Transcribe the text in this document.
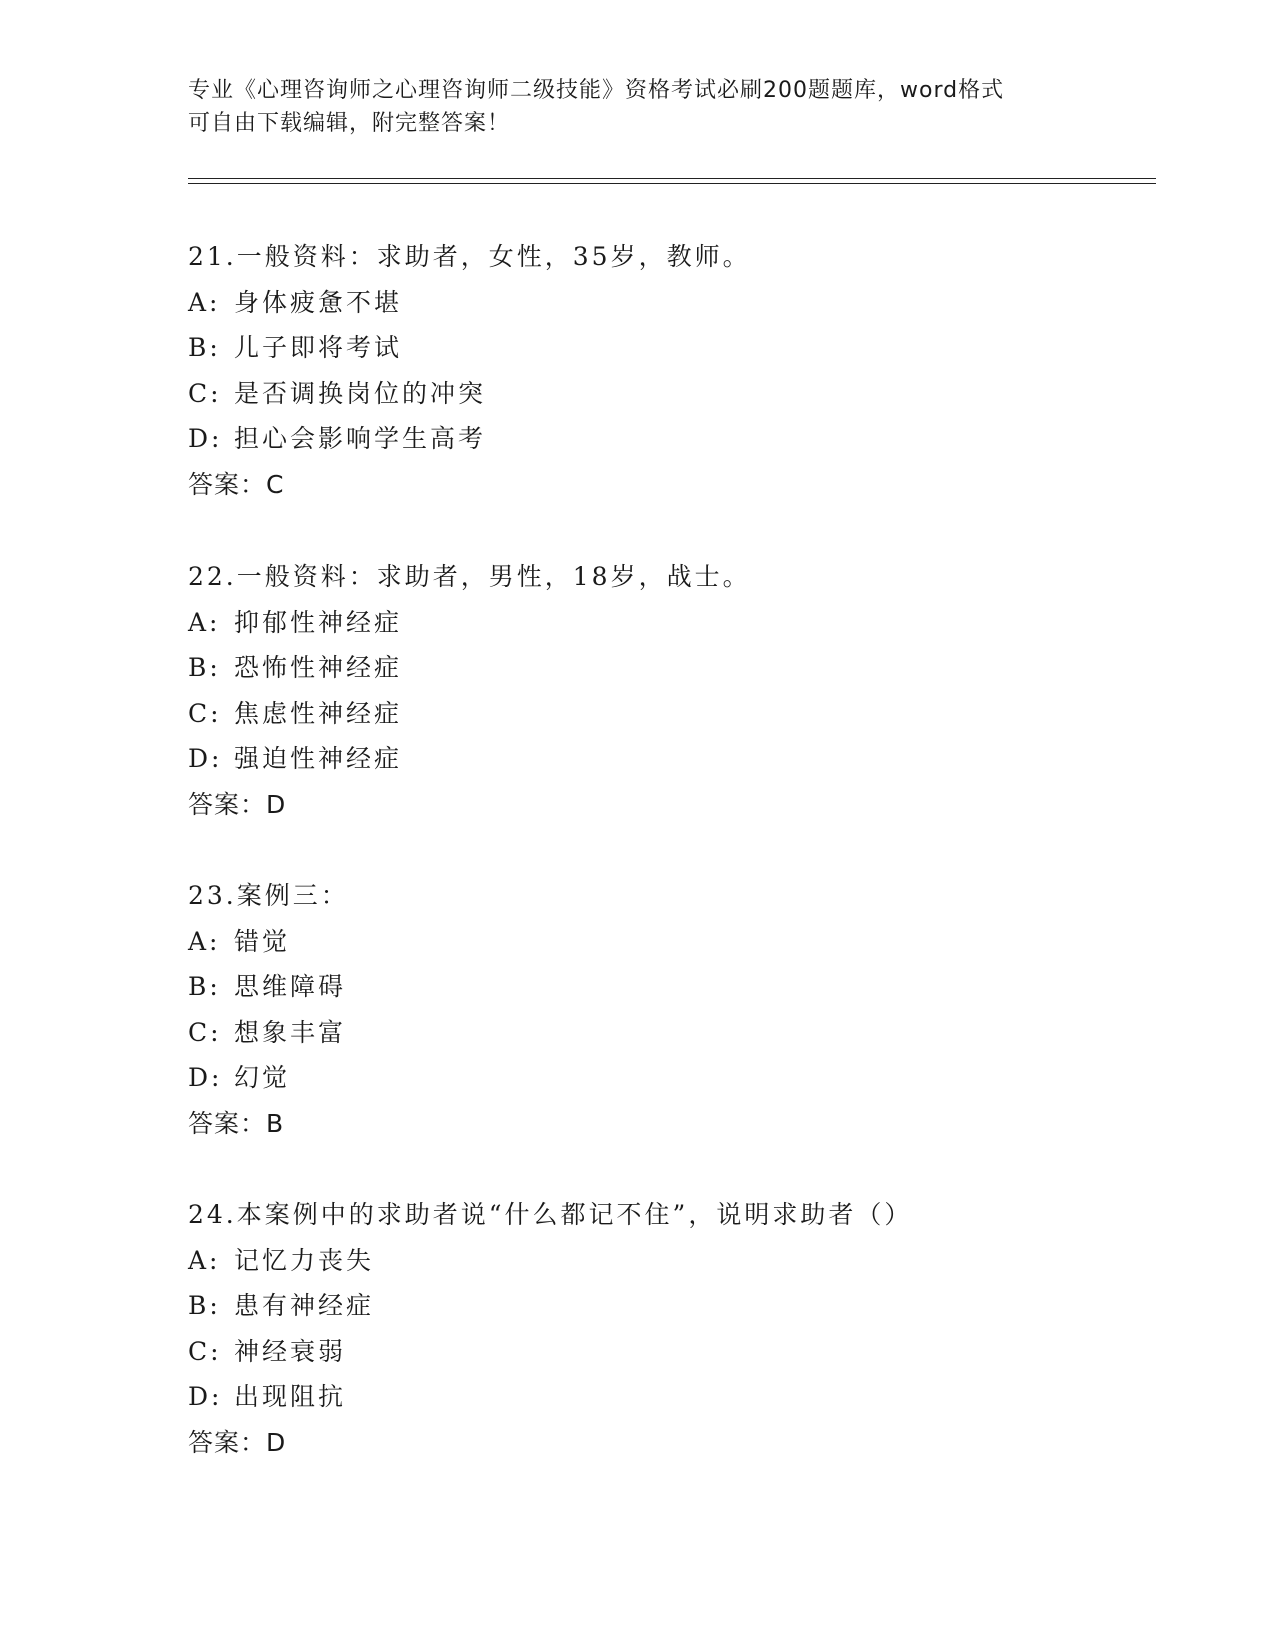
专业《心理咨询师之心理咨询师二级技能》资格考试必刷200题题库，word格式
可自由下载编辑，附完整答案！
21.一般资料：求助者，女性，35岁，教师。
A: 身体疲惫不堪
B: 儿子即将考试
C: 是否调换岗位的冲突
D: 担心会影响学生高考
答案：C
22.一般资料：求助者，男性，18岁，战士。
A: 抑郁性神经症
B: 恐怖性神经症
C: 焦虑性神经症
D: 强迫性神经症
答案：D
23.案例三：
A: 错觉
B: 思维障碍
C: 想象丰富
D: 幻觉
答案：B
24.本案例中的求助者说“什么都记不住”，说明求助者（）
A: 记忆力丧失
B: 患有神经症
C: 神经衰弱
D: 出现阻抗
答案：D
